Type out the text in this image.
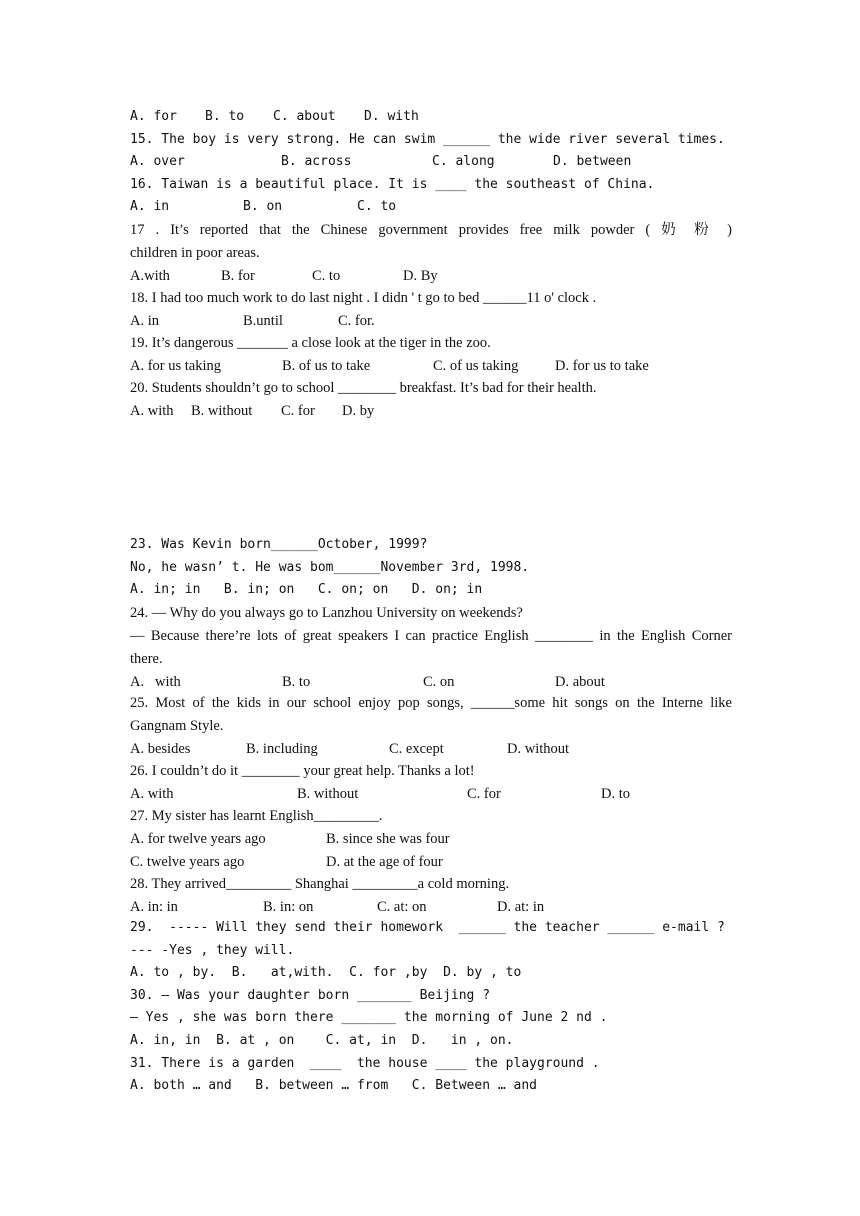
A. for

B. to

C. about

D. with

15. The boy is very strong. He can swim ______ the wide river several times.

A. over

	B. across

	C. along

	D. between

16. Taiwan is a beautiful place. It is ____ the southeast of China.

A. in

	B. on

	C. to

17 . It’s reported that the Chinese government provides free milk powder ( 奶 粉 )
children in poor areas.

A.with

	B. for

	C. to

	D. By

18. I had too much work to do last night . I didn ' t go to bed ______11 o' clock .

A. in

	B.until

	C. for.

19. It’s dangerous _______ a close look at the tiger in the zoo.

A. for us taking

	B. of us to take

	C. of us taking

	D. for us to take

20. Students shouldn’t go to school ________ breakfast. It’s bad for their health.

A. with

B. without

C. for

D. by

23. Was Kevin born______October, 1999?
No, he wasn’ t. He was bom______November 3rd, 1998.
A. in; in   B. in; on   C. on; on   D. on; in
24. — Why do you always go to Lanzhou University on weekends?
— Because there’re lots of great speakers I can practice English ________ in the English Corner
there.

A.   with

	B. to

	C. on

	D. about

25. Most of the kids in our school enjoy pop songs, ______some hit songs on the Interne like
Gangnam Style.

A. besides

	B. including

	C. except

	D. without

26. I couldn’t do it ________ your great help. Thanks a lot!

A. with

	B. without

	C. for

	D. to

27. My sister has learnt English_________.

A. for twelve years ago

	B. since she was four

C. twelve years ago

	D. at the age of four

28. They arrived_________ Shanghai _________a cold morning.

A. in: in

	B. in: on

	C. at: on

	D. at: in

29.  ----- Will they send their homework  ______ the teacher ______ e-mail ?
--- -Yes , they will.
A. to , by.  B.   at,with.  C. for ,by  D. by , to
30. — Was your daughter born _______ Beijing ?
— Yes , she was born there _______ the morning of June 2 nd .
A. in, in  B. at , on    C. at, in  D.   in , on.
31. There is a garden  ____  the house ____ the playground .
A. both … and   B. between … from   C. Between … and
